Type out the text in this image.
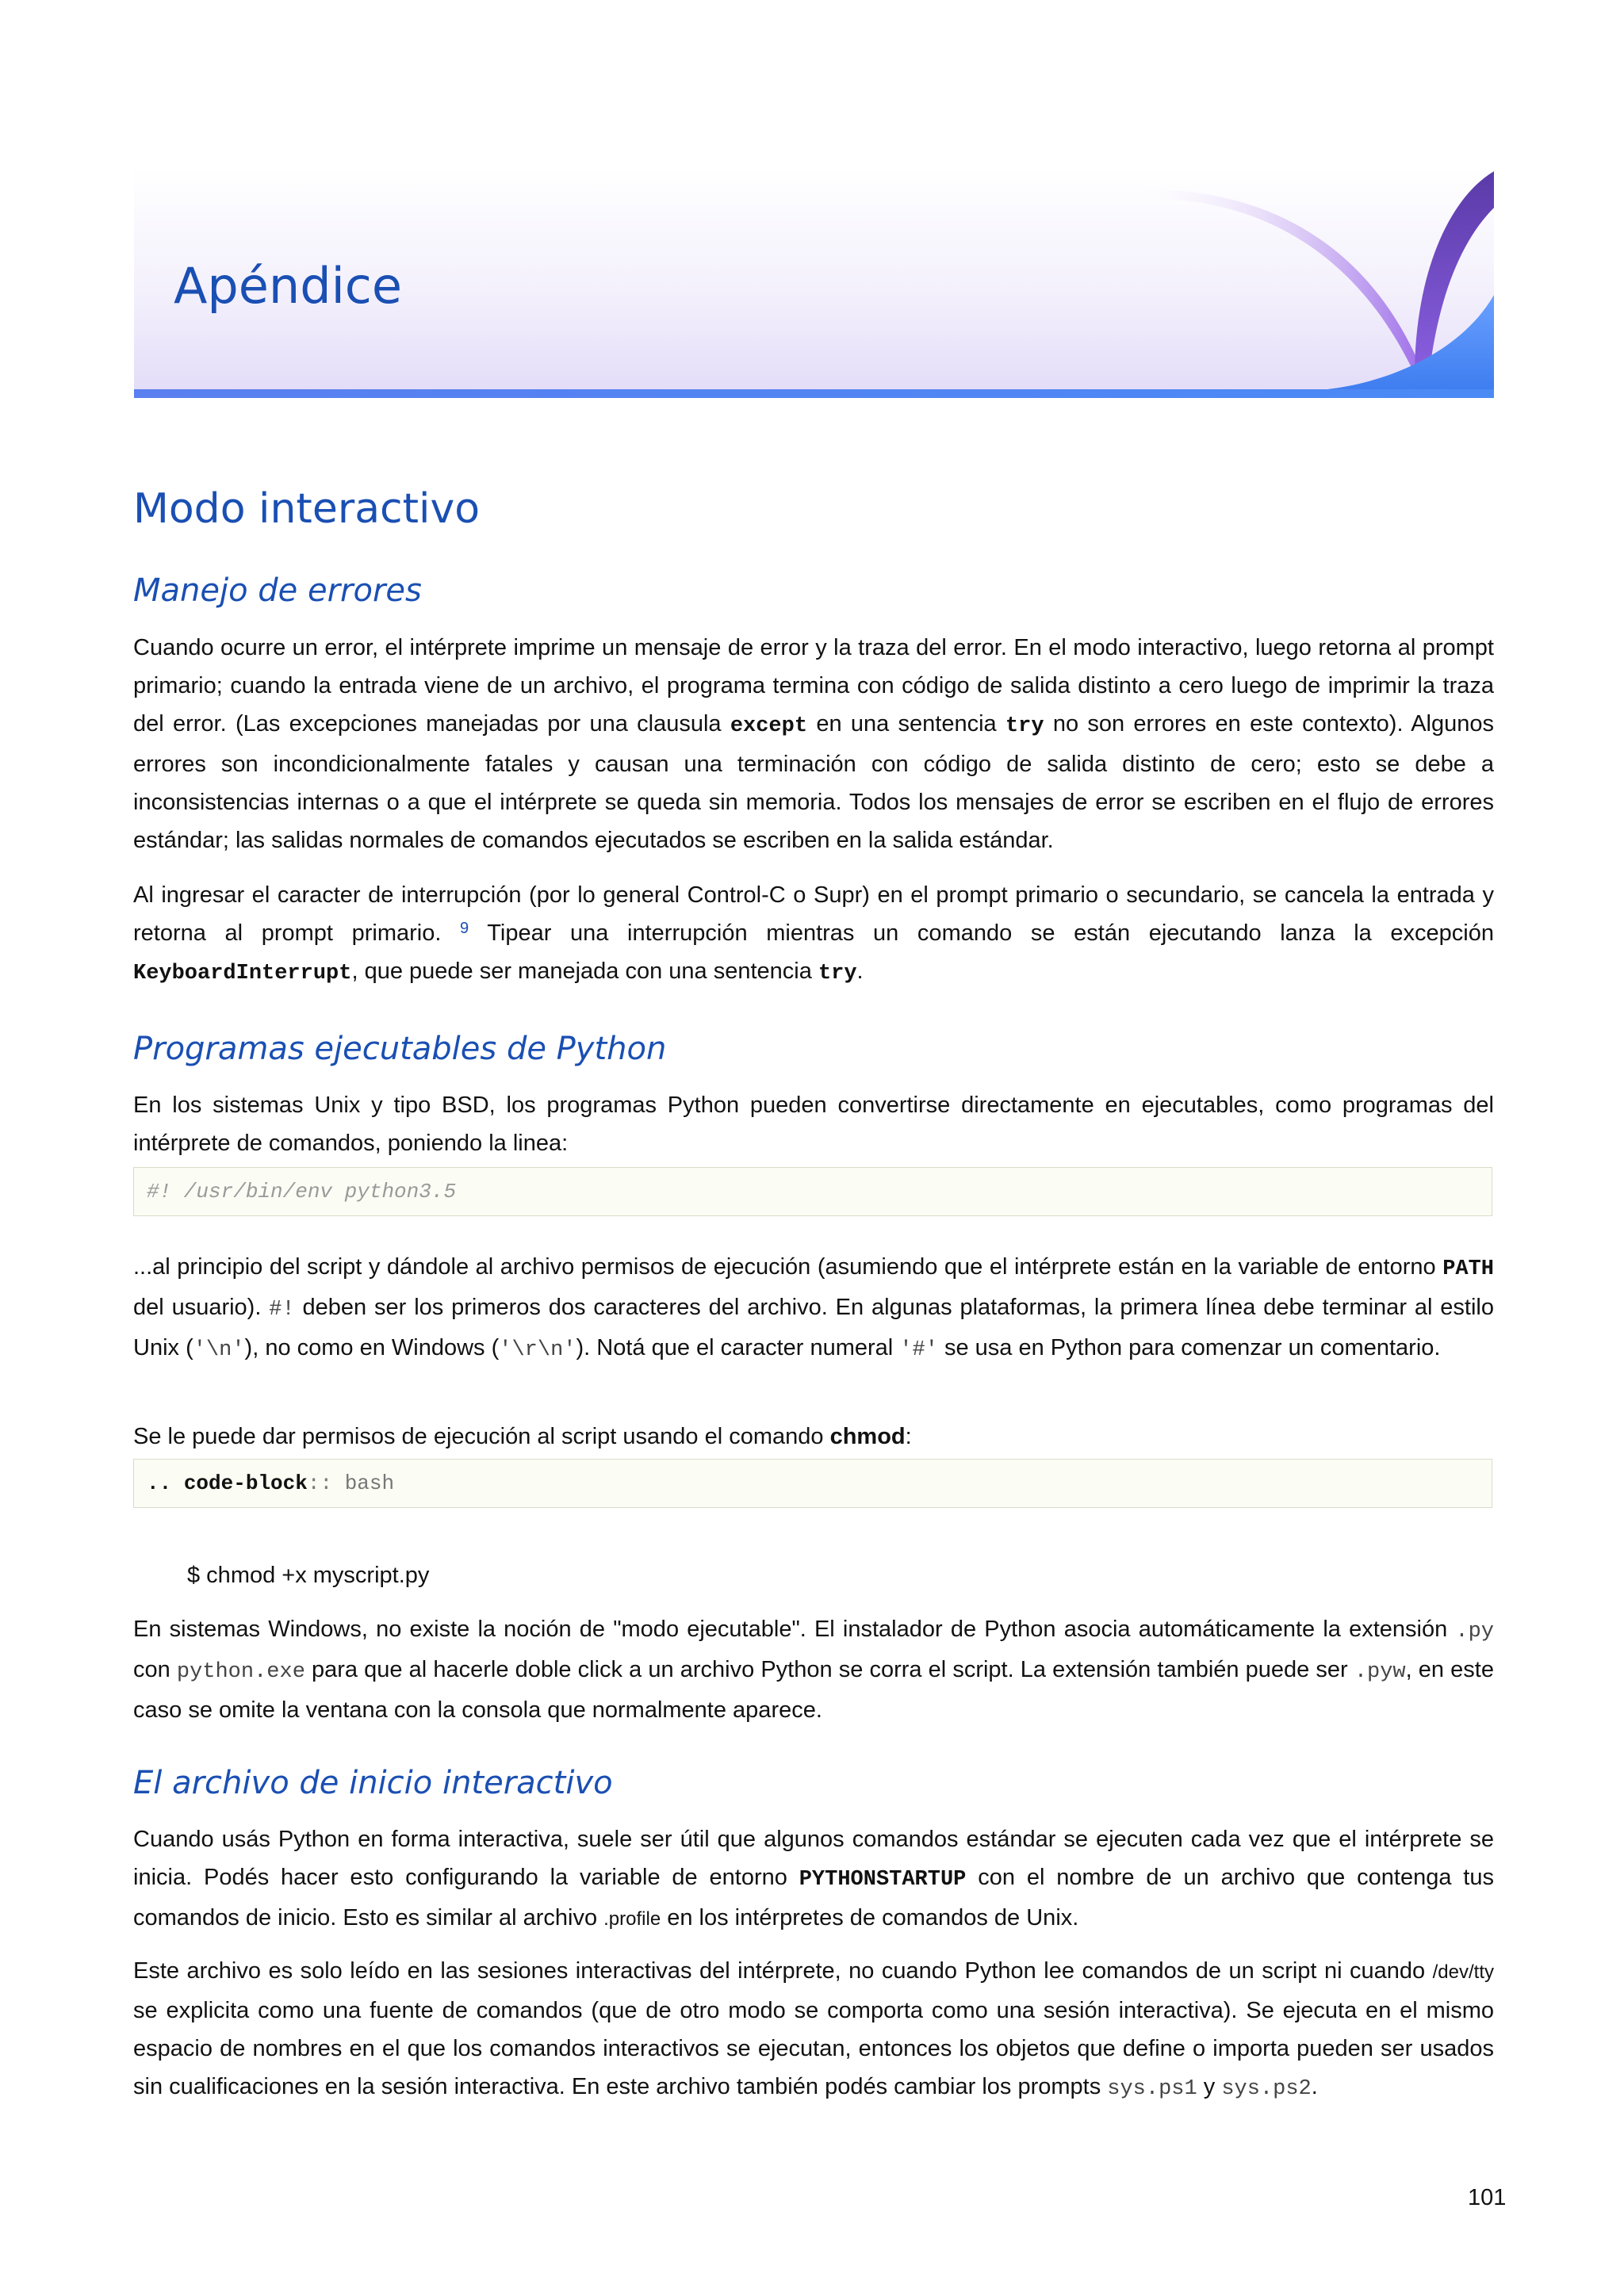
Apéndice
Modo interactivo
Manejo de errores

Cuando ocurre un error, el intérprete imprime un mensaje de error y la traza del error. En el modo interactivo, luego retorna al prompt primario; cuando la entrada viene de un archivo, el programa termina con código de salida distinto a cero luego de imprimir la traza del error. (Las excepciones manejadas por una clausula except en una sentencia try no son errores en este contexto). Algunos errores son incondicionalmente fatales y causan una terminación con código de salida distinto de cero; esto se debe a inconsistencias internas o a que el intérprete se queda sin memoria. Todos los mensajes de error se escriben en el flujo de errores estándar; las salidas normales de comandos ejecutados se escriben en la salida estándar.

Al ingresar el caracter de interrupción (por lo general Control-C o Supr) en el prompt primario o secundario, se cancela la entrada y retorna al prompt primario. $^9$ Tipear una interrupción mientras un comando se están ejecutando lanza la excepción KeyboardInterrupt, que puede ser manejada con una sentencia try.

Programas ejecutables de Python

En los sistemas Unix y tipo BSD, los programas Python pueden convertirse directamente en ejecutables, como programas del intérprete de comandos, poniendo la linea:

#! /usr/bin/env python3.5

...al principio del script y dándole al archivo permisos de ejecución (asumiendo que el intérprete están en la variable de entorno PATH del usuario). #! deben ser los primeros dos caracteres del archivo. En algunas plataformas, la primera línea debe terminar al estilo Unix ('\n'), no como en Windows ('\r\n'). Notá que el caracter numeral '#' se usa en Python para comenzar un comentario.

Se le puede dar permisos de ejecución al script usando el comando chmod:

.. code-block:: bash
$ chmod +x myscript.py

En sistemas Windows, no existe la noción de "modo ejecutable". El instalador de Python asocia automáticamente la extensión .py con python.exe para que al hacerle doble click a un archivo Python se corra el script. La extensión también puede ser .pyw, en este caso se omite la ventana con la consola que normalmente aparece.

El archivo de inicio interactivo

Cuando usás Python en forma interactiva, suele ser útil que algunos comandos estándar se ejecuten cada vez que el intérprete se inicia. Podés hacer esto configurando la variable de entorno PYTHONSTARTUP con el nombre de un archivo que contenga tus comandos de inicio. Esto es similar al archivo .profile en los intérpretes de comandos de Unix.

Este archivo es solo leído en las sesiones interactivas del intérprete, no cuando Python lee comandos de un script ni cuando /dev/tty se explicita como una fuente de comandos (que de otro modo se comporta como una sesión interactiva). Se ejecuta en el mismo espacio de nombres en el que los comandos interactivos se ejecutan, entonces los objetos que define o importa pueden ser usados sin cualificaciones en la sesión interactiva. En este archivo también podés cambiar los prompts sys.ps1 y sys.ps2.

101
